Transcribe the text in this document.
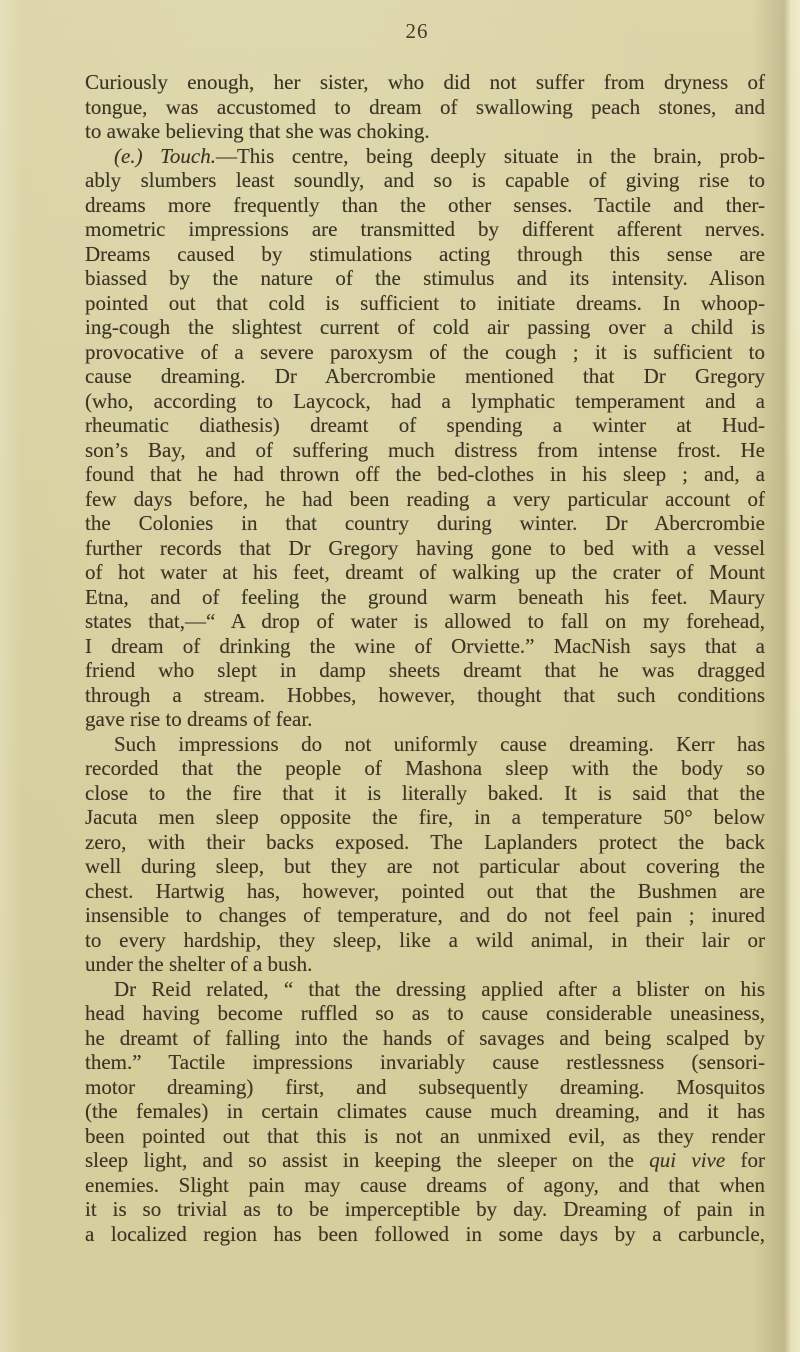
26
Curiously enough, her sister, who did not suffer from dryness of
tongue, was accustomed to dream of swallowing peach stones, and
to awake believing that she was choking.
(e.) Touch.—This centre, being deeply situate in the brain, prob-
ably slumbers least soundly, and so is capable of giving rise to
dreams more frequently than the other senses. Tactile and ther-
mometric impressions are transmitted by different afferent nerves.
Dreams caused by stimulations acting through this sense are
biassed by the nature of the stimulus and its intensity. Alison
pointed out that cold is sufficient to initiate dreams. In whoop-
ing-cough the slightest current of cold air passing over a child is
provocative of a severe paroxysm of the cough ; it is sufficient to
cause dreaming. Dr Abercrombie mentioned that Dr Gregory
(who, according to Laycock, had a lymphatic temperament and a
rheumatic diathesis) dreamt of spending a winter at Hud-
son’s Bay, and of suffering much distress from intense frost. He
found that he had thrown off the bed-clothes in his sleep ; and, a
few days before, he had been reading a very particular account of
the Colonies in that country during winter. Dr Abercrombie
further records that Dr Gregory having gone to bed with a vessel
of hot water at his feet, dreamt of walking up the crater of Mount
Etna, and of feeling the ground warm beneath his feet. Maury
states that,—“ A drop of water is allowed to fall on my forehead,
I dream of drinking the wine of Orviette.” MacNish says that a
friend who slept in damp sheets dreamt that he was dragged
through a stream. Hobbes, however, thought that such conditions
gave rise to dreams of fear.
Such impressions do not uniformly cause dreaming. Kerr has
recorded that the people of Mashona sleep with the body so
close to the fire that it is literally baked. It is said that the
Jacuta men sleep opposite the fire, in a temperature 50° below
zero, with their backs exposed. The Laplanders protect the back
well during sleep, but they are not particular about covering the
chest. Hartwig has, however, pointed out that the Bushmen are
insensible to changes of temperature, and do not feel pain ; inured
to every hardship, they sleep, like a wild animal, in their lair or
under the shelter of a bush.
Dr Reid related, “ that the dressing applied after a blister on his
head having become ruffled so as to cause considerable uneasiness,
he dreamt of falling into the hands of savages and being scalped by
them.” Tactile impressions invariably cause restlessness (sensori-
motor dreaming) first, and subsequently dreaming. Mosquitos
(the females) in certain climates cause much dreaming, and it has
been pointed out that this is not an unmixed evil, as they render
sleep light, and so assist in keeping the sleeper on the qui vive for
enemies. Slight pain may cause dreams of agony, and that when
it is so trivial as to be imperceptible by day. Dreaming of pain in
a localized region has been followed in some days by a carbuncle,
